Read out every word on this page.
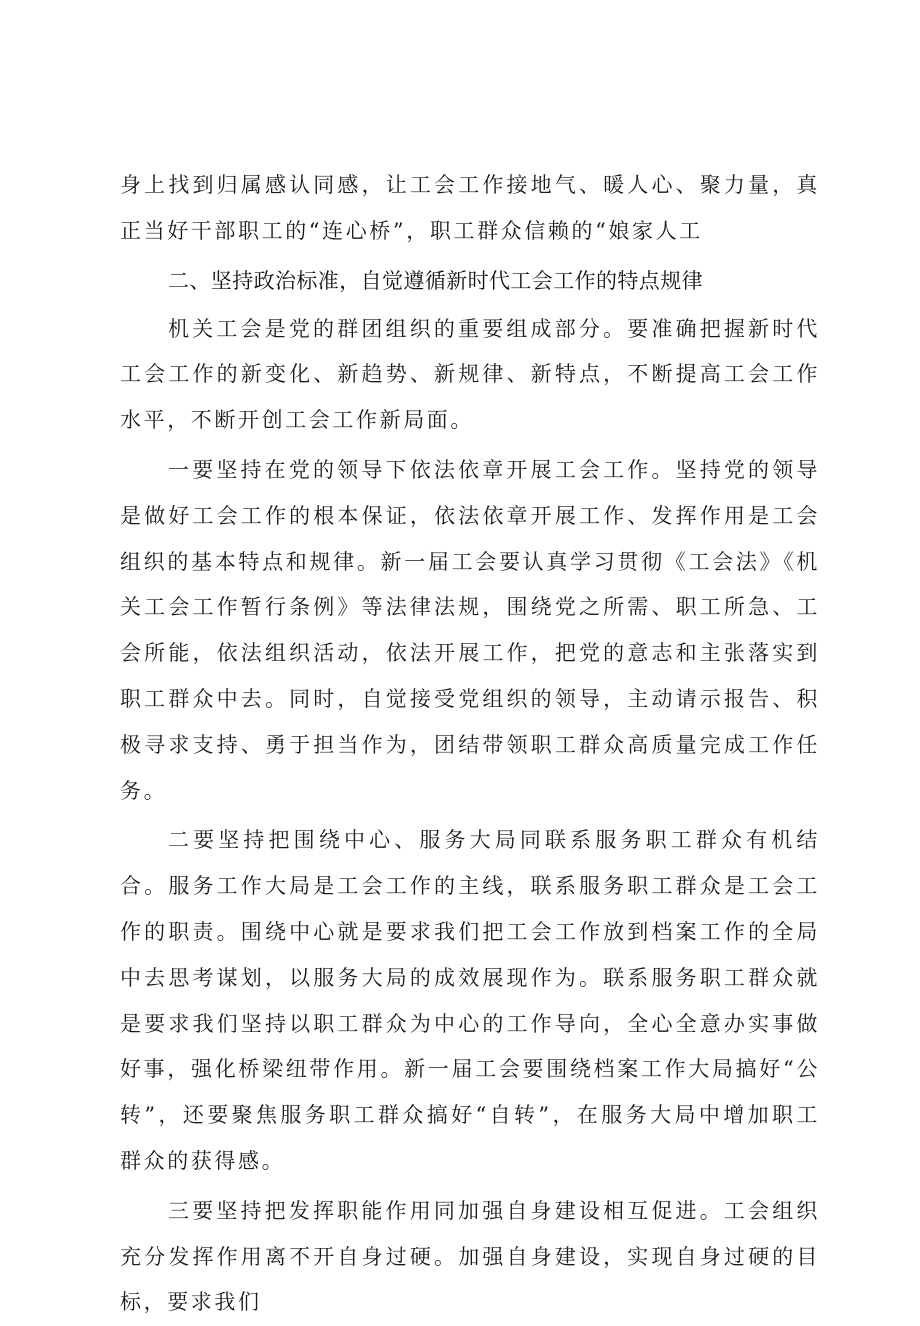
身上找到归属感认同感，让工会工作接地气、暖人心、聚力量，真正当好干部职工的“连心桥”，职工群众信赖的“娘家人工

二、坚持政治标准，自觉遵循新时代工会工作的特点规律

机关工会是党的群团组织的重要组成部分。要准确把握新时代工会工作的新变化、新趋势、新规律、新特点，不断提高工会工作水平，不断开创工会工作新局面。

一要坚持在党的领导下依法依章开展工会工作。坚持党的领导是做好工会工作的根本保证，依法依章开展工作、发挥作用是工会组织的基本特点和规律。新一届工会要认真学习贯彻《工会法》《机关工会工作暂行条例》等法律法规，围绕党之所需、职工所急、工会所能，依法组织活动，依法开展工作，把党的意志和主张落实到职工群众中去。同时，自觉接受党组织的领导，主动请示报告、积极寻求支持、勇于担当作为，团结带领职工群众高质量完成工作任务。

二要坚持把围绕中心、服务大局同联系服务职工群众有机结合。服务工作大局是工会工作的主线，联系服务职工群众是工会工作的职责。围绕中心就是要求我们把工会工作放到档案工作的全局中去思考谋划，以服务大局的成效展现作为。联系服务职工群众就是要求我们坚持以职工群众为中心的工作导向，全心全意办实事做好事，强化桥梁纽带作用。新一届工会要围绕档案工作大局搞好“公转”，还要聚焦服务职工群众搞好“自转”，在服务大局中增加职工群众的获得感。

三要坚持把发挥职能作用同加强自身建设相互促进。工会组织充分发挥作用离不开自身过硬。加强自身建设，实现自身过硬的目标，要求我们
